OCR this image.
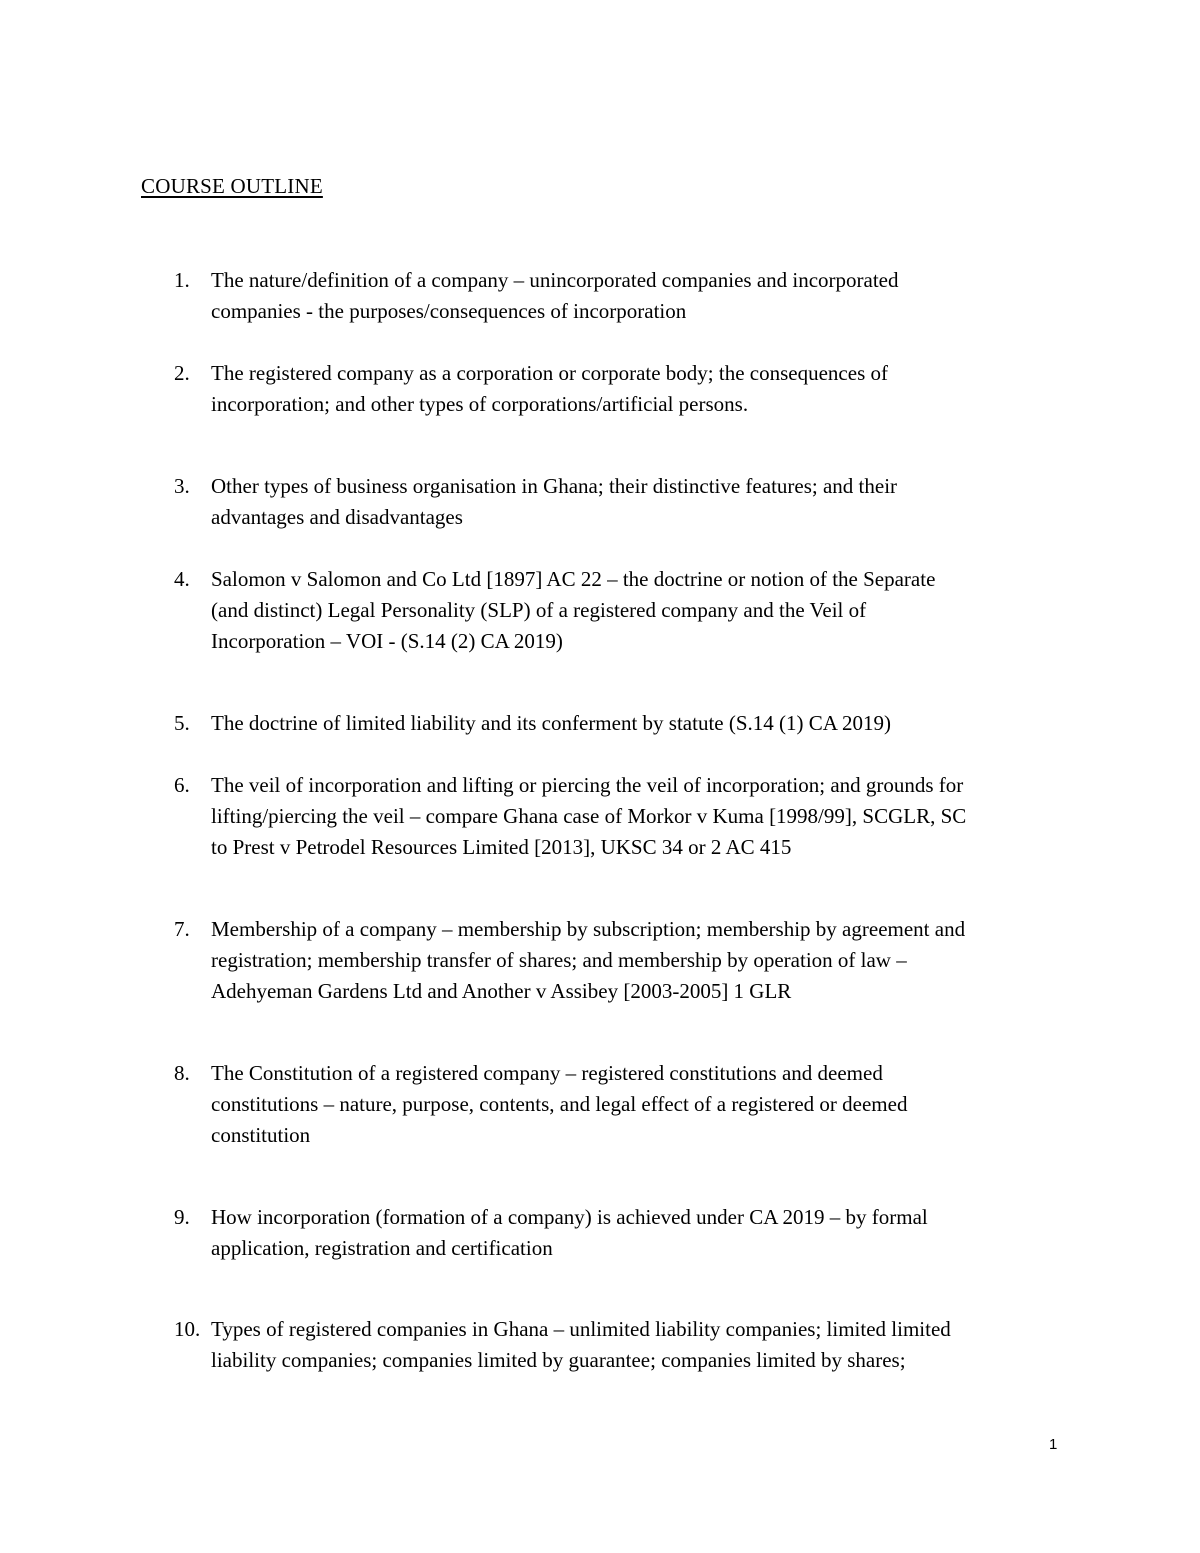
COURSE OUTLINE
1.	The nature/definition of a company – unincorporated companies and incorporated
companies - the purposes/consequences of incorporation
2.	The registered company as a corporation or corporate body; the consequences of
incorporation; and other types of corporations/artificial persons.
3.	Other types of business organisation in Ghana; their distinctive features; and their
advantages and disadvantages
4.	Salomon v Salomon and Co Ltd [1897] AC 22 – the doctrine or notion of the Separate
(and distinct) Legal Personality (SLP) of a registered company and the Veil of
Incorporation – VOI - (S.14 (2) CA 2019)
5.	The doctrine of limited liability and its conferment by statute (S.14 (1) CA 2019)
6.	The veil of incorporation and lifting or piercing the veil of incorporation; and grounds for
lifting/piercing the veil – compare Ghana case of Morkor v Kuma [1998/99], SCGLR, SC
to Prest v Petrodel Resources Limited [2013], UKSC 34 or 2 AC 415
7.	Membership of a company – membership by subscription; membership by agreement and
registration; membership transfer of shares; and membership by operation of law –
Adehyeman Gardens Ltd and Another v Assibey [2003-2005] 1 GLR
8.	The Constitution of a registered company – registered constitutions and deemed
constitutions – nature, purpose, contents, and legal effect of a registered or deemed
constitution
9.	How incorporation (formation of a company) is achieved under CA 2019 – by formal
application, registration and certification
10. Types of registered companies in Ghana – unlimited liability companies; limited limited
liability companies; companies limited by guarantee; companies limited by shares;
1
